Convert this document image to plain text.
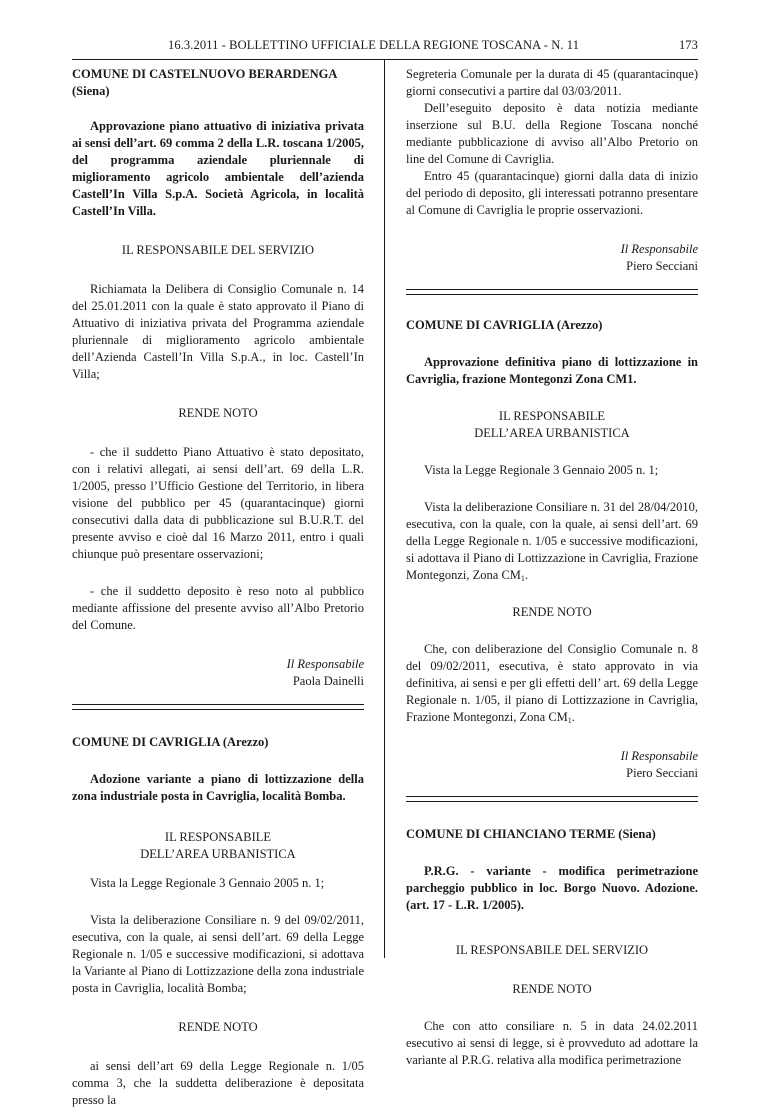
16.3.2011 - BOLLETTINO UFFICIALE DELLA REGIONE TOSCANA - N. 11	173

COMUNE DI CASTELNUOVO BERARDENGA

(Siena)

Approvazione piano attuativo di iniziativa privata ai sensi dell’art. 69 comma 2 della L.R. toscana 1/2005, del programma aziendale pluriennale di miglioramento agricolo ambientale dell’azienda Castell’In Villa S.p.A. Società Agricola, in località Castell’In Villa.

IL RESPONSABILE DEL SERVIZIO

Richiamata la Delibera di Consiglio Comunale n. 14 del 25.01.2011 con la quale è stato approvato il Piano di Attuativo di iniziativa privata del Programma aziendale pluriennale di miglioramento agricolo ambientale dell’Azienda Castell’In Villa S.p.A., in loc. Castell’In Villa;

RENDE NOTO

- che il suddetto Piano Attuativo è stato depositato, con i relativi allegati, ai sensi dell’art. 69 della L.R. 1/2005, presso l’Ufficio Gestione del Territorio, in libera visione del pubblico per 45 (quarantacinque) giorni consecutivi dalla data di pubblicazione sul B.U.R.T. del presente avviso e cioè dal 16 Marzo 2011, entro i quali chiunque può presentare osservazioni;

- che il suddetto deposito è reso noto al pubblico mediante affissione del presente avviso all’Albo Pretorio del Comune.

Il Responsabile
Paola Dainelli

COMUNE DI CAVRIGLIA (Arezzo)

Adozione variante a piano di lottizzazione della zona industriale posta in Cavriglia, località Bomba.

IL RESPONSABILE

DELL’AREA URBANISTICA

Vista la Legge Regionale 3 Gennaio 2005 n. 1;

Vista la deliberazione Consiliare n. 9 del 09/02/2011, esecutiva, con la quale, ai sensi dell’art. 69 della Legge Regionale n. 1/05 e successive modificazioni, si adottava la Variante al Piano di Lottizzazione della zona industriale posta in Cavriglia, località Bomba;

RENDE NOTO

ai sensi dell’art 69 della Legge Regionale n. 1/05 comma 3, che la suddetta deliberazione è depositata presso la

Segreteria Comunale per la durata di 45 (quarantacinque) giorni consecutivi a partire dal 03/03/2011.

Dell’eseguito deposito è data notizia mediante inserzione sul B.U. della Regione Toscana nonché mediante pubblicazione di avviso all’Albo Pretorio on line del Comune di Cavriglia.

Entro 45 (quarantacinque) giorni dalla data di inizio del periodo di deposito, gli interessati potranno presentare al Comune di Cavriglia le proprie osservazioni.

Il Responsabile
Piero Secciani

COMUNE DI CAVRIGLIA (Arezzo)

Approvazione definitiva piano di lottizzazione in Cavriglia, frazione Montegonzi Zona CM1.

IL RESPONSABILE

DELL’AREA URBANISTICA

Vista la Legge Regionale 3 Gennaio 2005 n. 1;

Vista la deliberazione Consiliare n. 31 del 28/04/2010, esecutiva, con la quale, con la quale, ai sensi dell’art. 69 della Legge Regionale n. 1/05 e successive modificazioni, si adottava il Piano di Lottizzazione in Cavriglia, Frazione Montegonzi, Zona $CM_1$.

RENDE NOTO

Che, con deliberazione del Consiglio Comunale n. 8 del 09/02/2011, esecutiva, è stato approvato in via definitiva, ai sensi e per gli effetti dell’ art. 69 della Legge Regionale n. 1/05, il piano di Lottizzazione in Cavriglia, Frazione Montegonzi, Zona $CM_1$.

Il Responsabile
Piero Secciani

COMUNE DI CHIANCIANO TERME (Siena)

P.R.G. - variante - modifica perimetrazione parcheggio pubblico in loc. Borgo Nuovo. Adozione. (art. 17 - L.R. 1/2005).

IL RESPONSABILE DEL SERVIZIO

RENDE NOTO

Che con atto consiliare n. 5 in data 24.02.2011 esecutivo ai sensi di legge, si è provveduto ad adottare la variante al P.R.G. relativa alla modifica perimetrazione
